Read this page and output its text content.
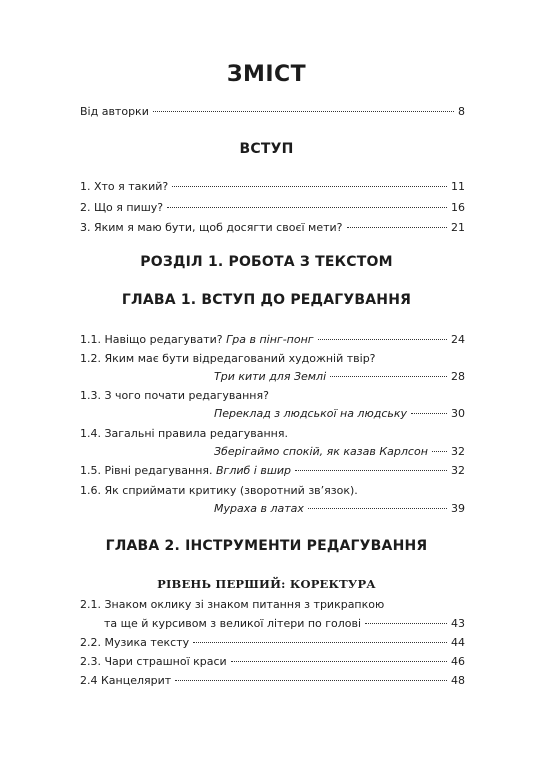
ЗМІСТ
Від авторки	8
ВСТУП
1. Хто я такий?	11
2. Що я пишу?	16
3. Яким я маю бути, щоб досягти своєї мети?	21
РОЗДІЛ 1. РОБОТА З ТЕКСТОМ
ГЛАВА 1. ВСТУП ДО РЕДАГУВАННЯ
1.1. Навіщо редагувати? Гра в пінг-понг	24
1.2. Яким має бути відредагований художній твір?
Три кити для Землі	28
1.3. З чого почати редагування?
Переклад з людської на людську	30
1.4. Загальні правила редагування.
Зберігаймо спокій, як казав Карлсон 32
1.5. Рівні редагування. Вглиб і вшир	32
1.6. Як сприймати критику (зворотний зв’язок).
Мураха в латах	39
ГЛАВА 2. ІНСТРУМЕНТИ РЕДАГУВАННЯ
РІВЕНЬ ПЕРШИЙ: КОРЕКТУРА
2.1. Знаком оклику зі знаком питання з трикрапкою
та ще й курсивом з великої літери по голові	43
2.2. Музика тексту	44
2.3. Чари страшної краси	46
2.4 Канцелярит	48
